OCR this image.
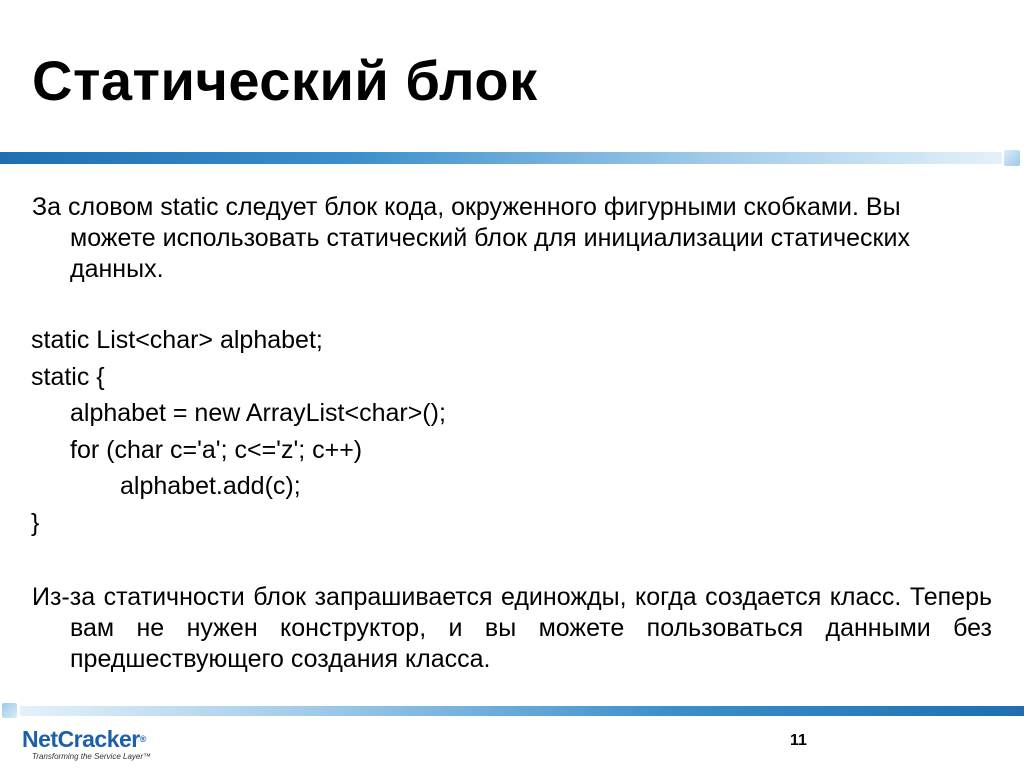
Статический блок

За словом static следует блок кода, окруженного фигурными скобками. Вы можете использовать статический блок для инициализации статических данных.

static List<char> alphabet;
static {
alphabet = new ArrayList<char>();
for (char c='a'; c<='z'; c++)
alphabet.add(c);
}

Из-за статичности блок запрашивается единожды, когда создается класс. Теперь вам не нужен конструктор, и вы можете пользоваться данными без предшествующего создания класса.

NetCracker®
Transforming the Service Layer™
11
